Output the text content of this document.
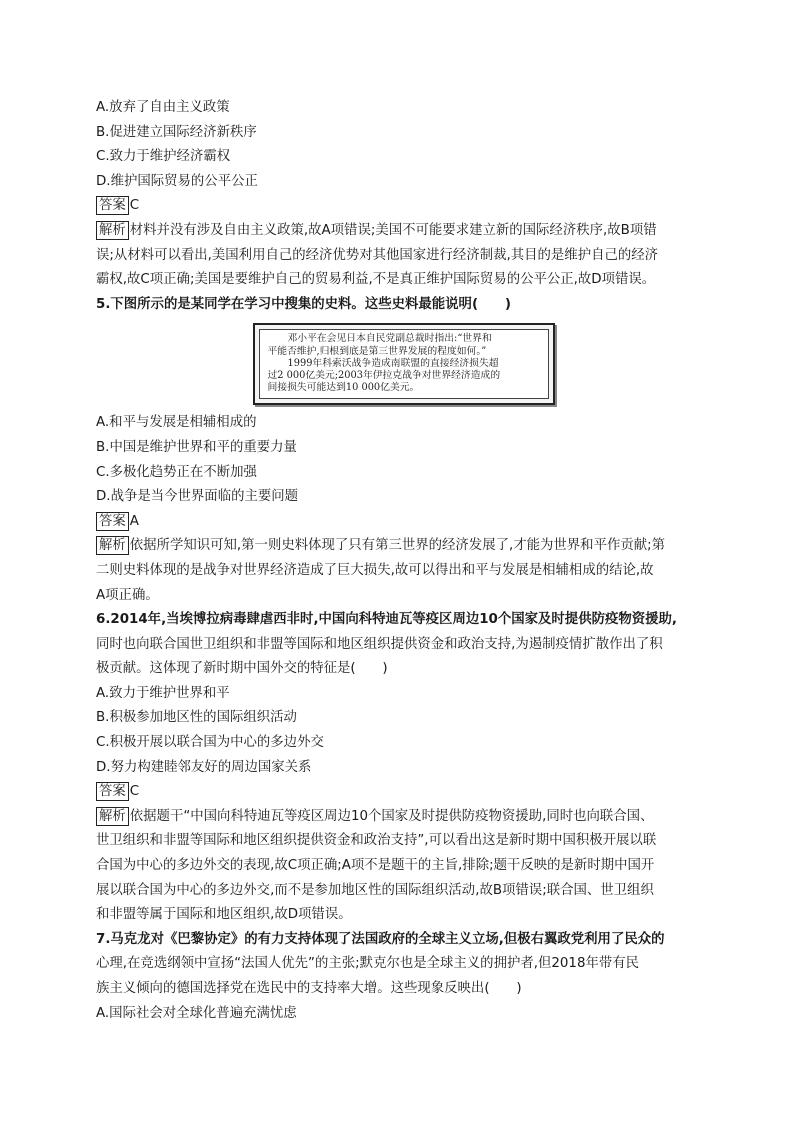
A.放弃了自由主义政策
B.促进建立国际经济新秩序
C.致力于维护经济霸权
D.维护国际贸易的公平公正
答案 C
解析 材料并没有涉及自由主义政策,故A项错误;美国不可能要求建立新的国际经济秩序,故B项错
误;从材料可以看出,美国利用自己的经济优势对其他国家进行经济制裁,其目的是维护自己的经济
霸权,故C项正确;美国是要维护自己的贸易利益,不是真正维护国际贸易的公平公正,故D项错误。
5.下图所示的是某同学在学习中搜集的史料。这些史料最能说明(　　)
邓小平在会见日本自民党副总裁时指出:“世界和
平能否维护,归根到底是第三世界发展的程度如何。”
1999年科索沃战争造成南联盟的直接经济损失超
过2 000亿美元;2003年伊拉克战争对世界经济造成的
间接损失可能达到10 000亿美元。
A.和平与发展是相辅相成的
B.中国是维护世界和平的重要力量
C.多极化趋势正在不断加强
D.战争是当今世界面临的主要问题
答案 A
解析 依据所学知识可知,第一则史料体现了只有第三世界的经济发展了,才能为世界和平作贡献;第
二则史料体现的是战争对世界经济造成了巨大损失,故可以得出和平与发展是相辅相成的结论,故
A项正确。
6.2014年,当埃博拉病毒肆虐西非时,中国向科特迪瓦等疫区周边10个国家及时提供防疫物资援助,
同时也向联合国世卫组织和非盟等国际和地区组织提供资金和政治支持,为遏制疫情扩散作出了积
极贡献。这体现了新时期中国外交的特征是(　　)
A.致力于维护世界和平
B.积极参加地区性的国际组织活动
C.积极开展以联合国为中心的多边外交
D.努力构建睦邻友好的周边国家关系
答案 C
解析 依据题干“中国向科特迪瓦等疫区周边10个国家及时提供防疫物资援助,同时也向联合国、
世卫组织和非盟等国际和地区组织提供资金和政治支持”,可以看出这是新时期中国积极开展以联
合国为中心的多边外交的表现,故C项正确;A项不是题干的主旨,排除;题干反映的是新时期中国开
展以联合国为中心的多边外交,而不是参加地区性的国际组织活动,故B项错误;联合国、世卫组织
和非盟等属于国际和地区组织,故D项错误。
7.马克龙对《巴黎协定》的有力支持体现了法国政府的全球主义立场,但极右翼政党利用了民众的
心理,在竞选纲领中宣扬“法国人优先”的主张;默克尔也是全球主义的拥护者,但2018年带有民
族主义倾向的德国选择党在选民中的支持率大增。这些现象反映出(　　)
A.国际社会对全球化普遍充满忧虑
